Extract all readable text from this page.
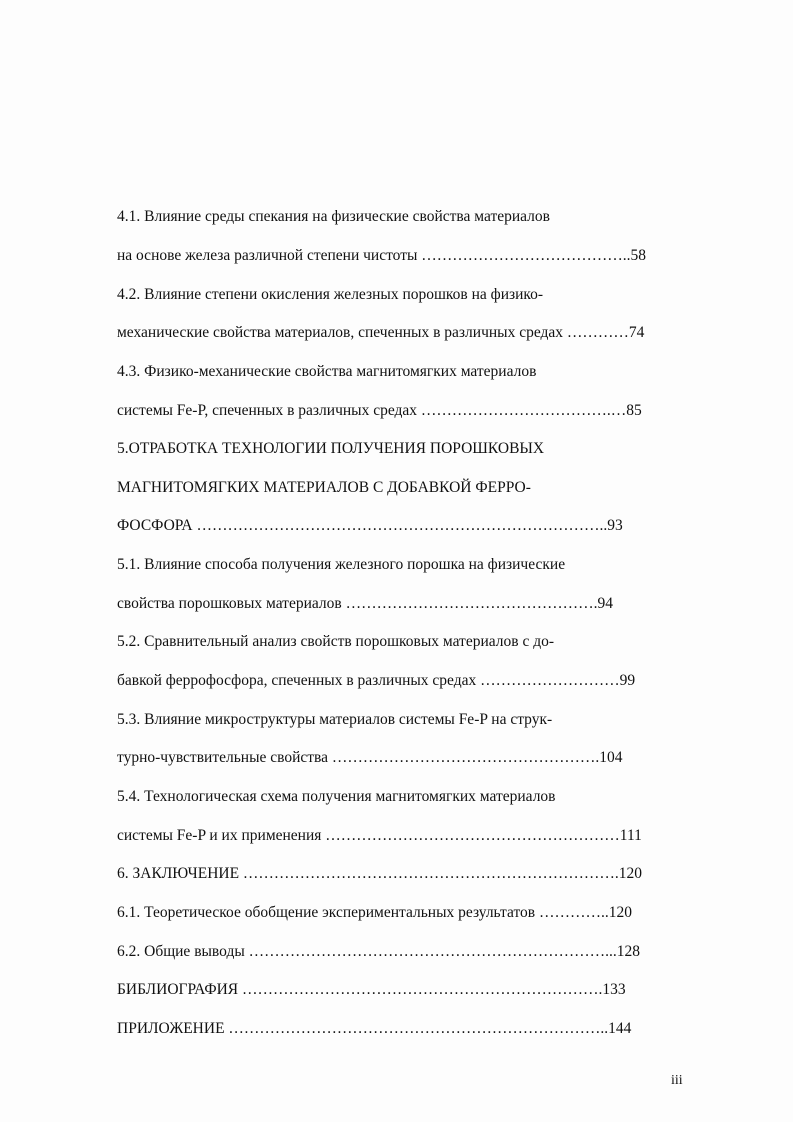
4.1. Влияние среды спекания на физические свойства материалов
на основе железа различной степени чистоты …………………………………..58
4.2. Влияние степени окисления железных порошков на физико-
механические свойства материалов, спеченных в различных средах …………74
4.3. Физико-механические свойства магнитомягких материалов
системы Fe-P, спеченных в различных средах ……………………………….…85
5.ОТРАБОТКА ТЕХНОЛОГИИ ПОЛУЧЕНИЯ ПОРОШКОВЫХ
МАГНИТОМЯГКИХ МАТЕРИАЛОВ С ДОБАВКОЙ ФЕРРО-
ФОСФОРА ……………………………………………………………………..93
5.1. Влияние способа получения железного порошка на физические
свойства порошковых материалов ………………………………………….94
5.2. Сравнительный анализ свойств порошковых материалов с до-
бавкой феррофосфора, спеченных в различных средах ………………………99
5.3. Влияние микроструктуры материалов системы Fe-P на струк-
турно-чувствительные свойства …………………………………………….104
5.4. Технологическая схема получения магнитомягких материалов
системы Fe-P и их применения …………………………………………………111
6. ЗАКЛЮЧЕНИЕ ……………………………………………………………….120
6.1. Теоретическое обобщение экспериментальных результатов …………..120
6.2. Общие выводы ……………………………………………………………...128
БИБЛИОГРАФИЯ …………………………………………………………….133
ПРИЛОЖЕНИЕ ………………………………………………………………..144
iii
